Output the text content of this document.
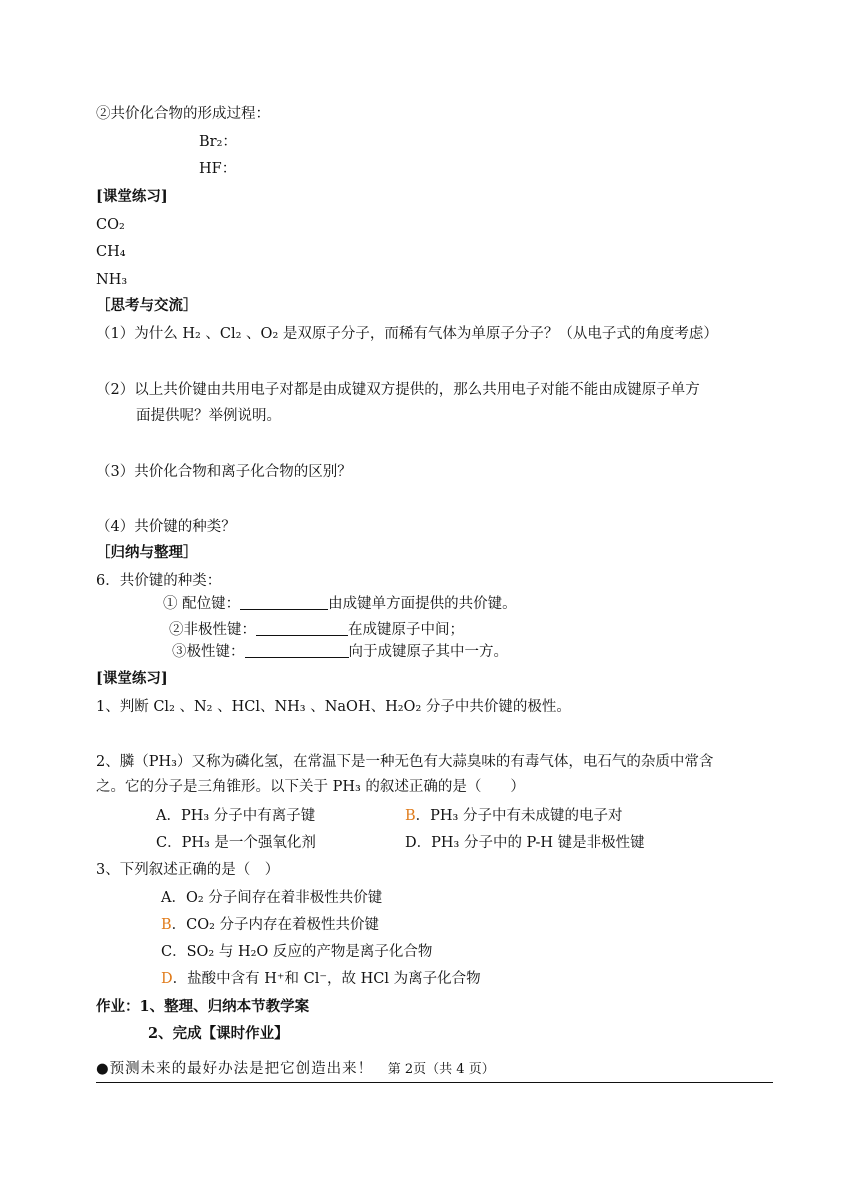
②共价化合物的形成过程：
Br₂：
HF：
[课堂练习]
CO₂
CH₄
NH₃
［思考与交流］
（1）为什么 H₂ 、Cl₂ 、O₂ 是双原子分子，而稀有气体为单原子分子？（从电子式的角度考虑）
（2）以上共价键由共用电子对都是由成键双方提供的，那么共用电子对能不能由成键原子单方
面提供呢？举例说明。
（3）共价化合物和离子化合物的区别？
（4）共价键的种类？
［归纳与整理］
6．共价键的种类：
① 配位键：	由成键单方面提供的共价键。
②非极性键：	在成键原子中间；
③极性键：	向于成键原子其中一方。
[课堂练习]
1、判断 Cl₂ 、N₂ 、HCl、NH₃ 、NaOH、H₂O₂ 分子中共价键的极性。
2、膦（PH₃）又称为磷化氢，在常温下是一种无色有大蒜臭味的有毒气体，电石气的杂质中常含
之。它的分子是三角锥形。以下关于 PH₃ 的叙述正确的是（　　）
A．PH₃ 分子中有离子键	B．PH₃ 分子中有未成键的电子对
C．PH₃ 是一个强氧化剂	D．PH₃ 分子中的 P-H 键是非极性键
3、下列叙述正确的是（　）
A．O₂ 分子间存在着非极性共价键
B．CO₂ 分子内存在着极性共价键
C．SO₂ 与 H₂O 反应的产物是离子化合物
D．盐酸中含有 H⁺和 Cl⁻，故 HCl 为离子化合物
作业：1、整理、归纳本节教学案
2、完成【课时作业】
●预测未来的最好办法是把它创造出来！ 第 2页（共 4 页）
